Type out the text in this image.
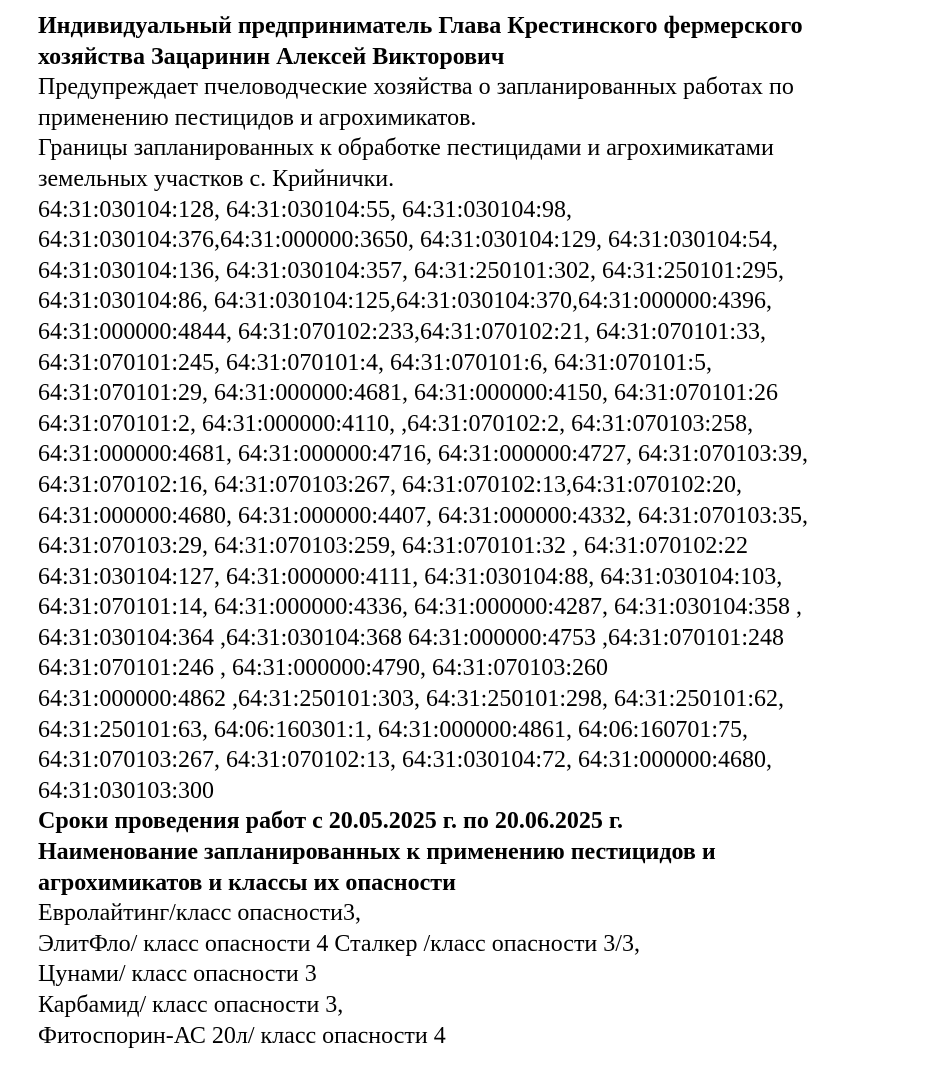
Индивидуальный предприниматель Глава Крестинского фермерского
хозяйства Зацаринин Алексей Викторович
Предупреждает пчеловодческие хозяйства о запланированных работах по
применению пестицидов и агрохимикатов.
Границы запланированных к обработке пестицидами и агрохимикатами
земельных участков с. Крийнички.
64:31:030104:128, 64:31:030104:55, 64:31:030104:98,
64:31:030104:376,64:31:000000:3650, 64:31:030104:129, 64:31:030104:54,
64:31:030104:136, 64:31:030104:357, 64:31:250101:302, 64:31:250101:295,
64:31:030104:86, 64:31:030104:125,64:31:030104:370,64:31:000000:4396,
64:31:000000:4844, 64:31:070102:233,64:31:070102:21, 64:31:070101:33,
64:31:070101:245, 64:31:070101:4, 64:31:070101:6, 64:31:070101:5,
64:31:070101:29, 64:31:000000:4681, 64:31:000000:4150, 64:31:070101:26
64:31:070101:2, 64:31:000000:4110, ,64:31:070102:2, 64:31:070103:258,
64:31:000000:4681, 64:31:000000:4716, 64:31:000000:4727, 64:31:070103:39,
64:31:070102:16, 64:31:070103:267, 64:31:070102:13,64:31:070102:20,
64:31:000000:4680, 64:31:000000:4407, 64:31:000000:4332, 64:31:070103:35,
64:31:070103:29, 64:31:070103:259, 64:31:070101:32 , 64:31:070102:22
64:31:030104:127, 64:31:000000:4111, 64:31:030104:88, 64:31:030104:103,
64:31:070101:14, 64:31:000000:4336, 64:31:000000:4287, 64:31:030104:358 ,
64:31:030104:364 ,64:31:030104:368 64:31:000000:4753 ,64:31:070101:248
64:31:070101:246 , 64:31:000000:4790, 64:31:070103:260
64:31:000000:4862 ,64:31:250101:303, 64:31:250101:298, 64:31:250101:62,
64:31:250101:63, 64:06:160301:1, 64:31:000000:4861, 64:06:160701:75,
64:31:070103:267, 64:31:070102:13, 64:31:030104:72, 64:31:000000:4680,
64:31:030103:300
Сроки проведения работ с 20.05.2025 г. по 20.06.2025 г.
Наименование запланированных к применению пестицидов и
агрохимикатов и классы их опасности
Евролайтинг/класс опасности3,
ЭлитФло/ класс опасности 4 Сталкер /класс опасности 3/3,
Цунами/ класс опасности 3
Карбамид/ класс опасности 3,
Фитоспорин-АС 20л/ класс опасности 4
